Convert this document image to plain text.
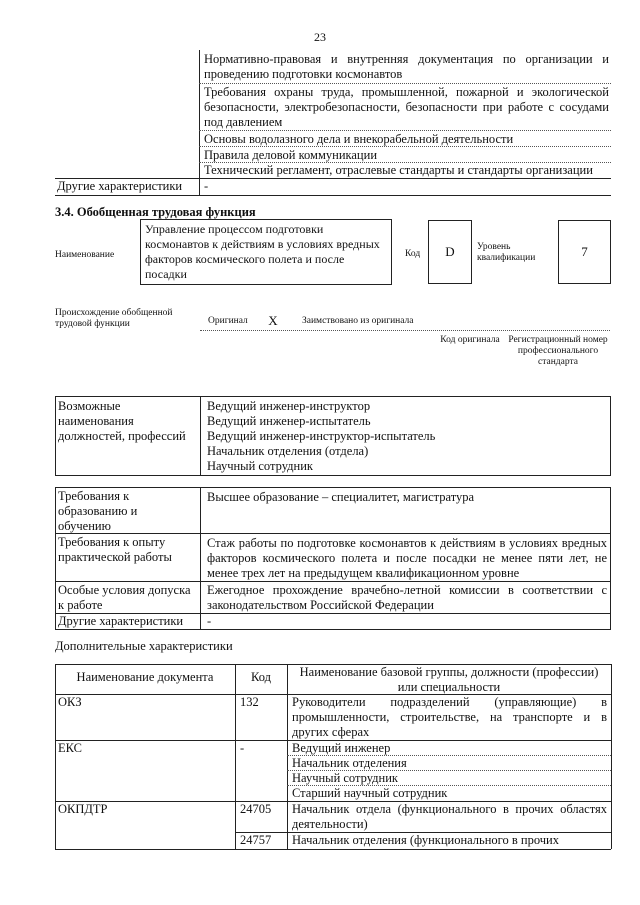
23
Нормативно-правовая и внутренняя документация по организации и проведению подготовки космонавтов
Требования охраны труда, промышленной, пожарной и экологической безопасности, электробезопасности, безопасности при работе с сосудами под давлением
Основы водолазного дела и внекорабельной деятельности
Правила деловой коммуникации
Технический регламент, отраслевые стандарты и стандарты организации
Другие характеристики	-
3.4. Обобщенная трудовая функция
Наименование
Управление процессом подготовки космонавтов к действиям в условиях вредных факторов космического полета и после посадки
Код	D	Уровень квалификации	7
Происхождение обобщенной трудовой функции	Оригинал	X	Заимствовано из оригинала
Код оригинала Регистрационный номер профессионального стандарта
Возможные наименования должностей, профессий
Ведущий инженер-инструктор
Ведущий инженер-испытатель
Ведущий инженер-инструктор-испытатель
Начальник отделения (отдела)
Научный сотрудник
Требования к образованию и обучению
Высшее образование – специалитет, магистратура
Требования к опыту практической работы
Стаж работы по подготовке космонавтов к действиям в условиях вредных факторов космического полета и после посадки не менее пяти лет, не менее трех лет на предыдущем квалификационном уровне
Особые условия допуска к работе
Ежегодное прохождение врачебно-летной комиссии в соответствии с законодательством Российской Федерации
Другие характеристики	-
Дополнительные характеристики
Наименование документа	Код	Наименование базовой группы, должности (профессии) или специальности
ОКЗ	132	Руководители подразделений (управляющие) в промышленности, строительстве, на транспорте и в других сферах
ЕКС	-	Ведущий инженер
Начальник отделения
Научный сотрудник
Старший научный сотрудник
ОКПДТР	24705	Начальник отдела (функционального в прочих областях деятельности)
24757	Начальник отделения (функционального в прочих
